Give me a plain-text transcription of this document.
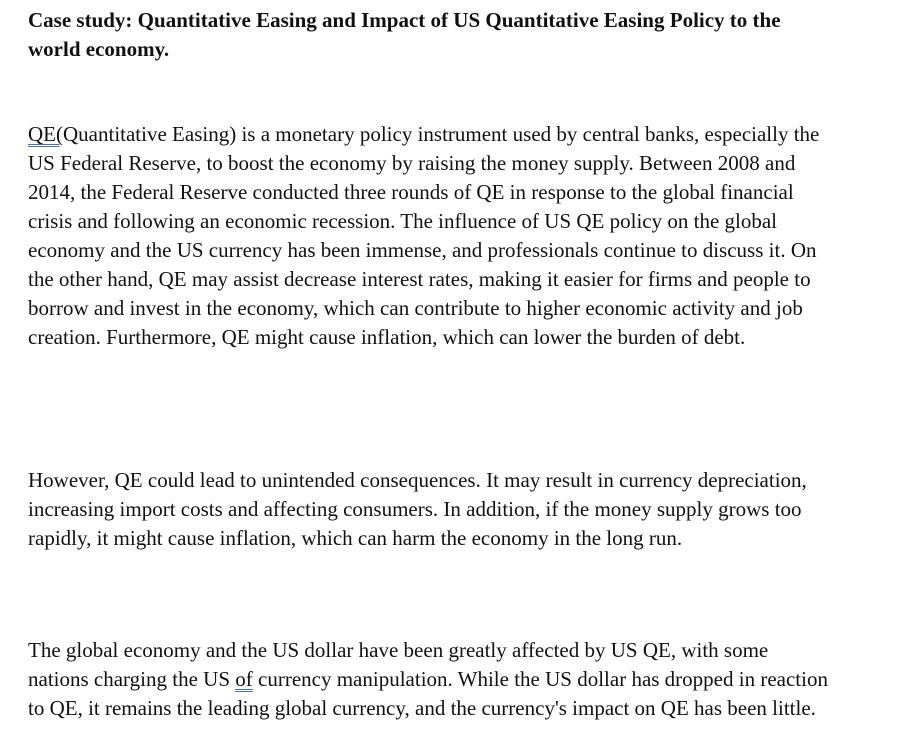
Case study: Quantitative Easing and Impact of US Quantitative Easing Policy to the world economy.

QE(Quantitative Easing) is a monetary policy instrument used by central banks, especially the US Federal Reserve, to boost the economy by raising the money supply. Between 2008 and 2014, the Federal Reserve conducted three rounds of QE in response to the global financial crisis and following an economic recession. The influence of US QE policy on the global economy and the US currency has been immense, and professionals continue to discuss it. On the other hand, QE may assist decrease interest rates, making it easier for firms and people to borrow and invest in the economy, which can contribute to higher economic activity and job creation. Furthermore, QE might cause inflation, which can lower the burden of debt.

However, QE could lead to unintended consequences. It may result in currency depreciation, increasing import costs and affecting consumers. In addition, if the money supply grows too rapidly, it might cause inflation, which can harm the economy in the long run.

The global economy and the US dollar have been greatly affected by US QE, with some nations charging the US of currency manipulation. While the US dollar has dropped in reaction to QE, it remains the leading global currency, and the currency's impact on QE has been little.
